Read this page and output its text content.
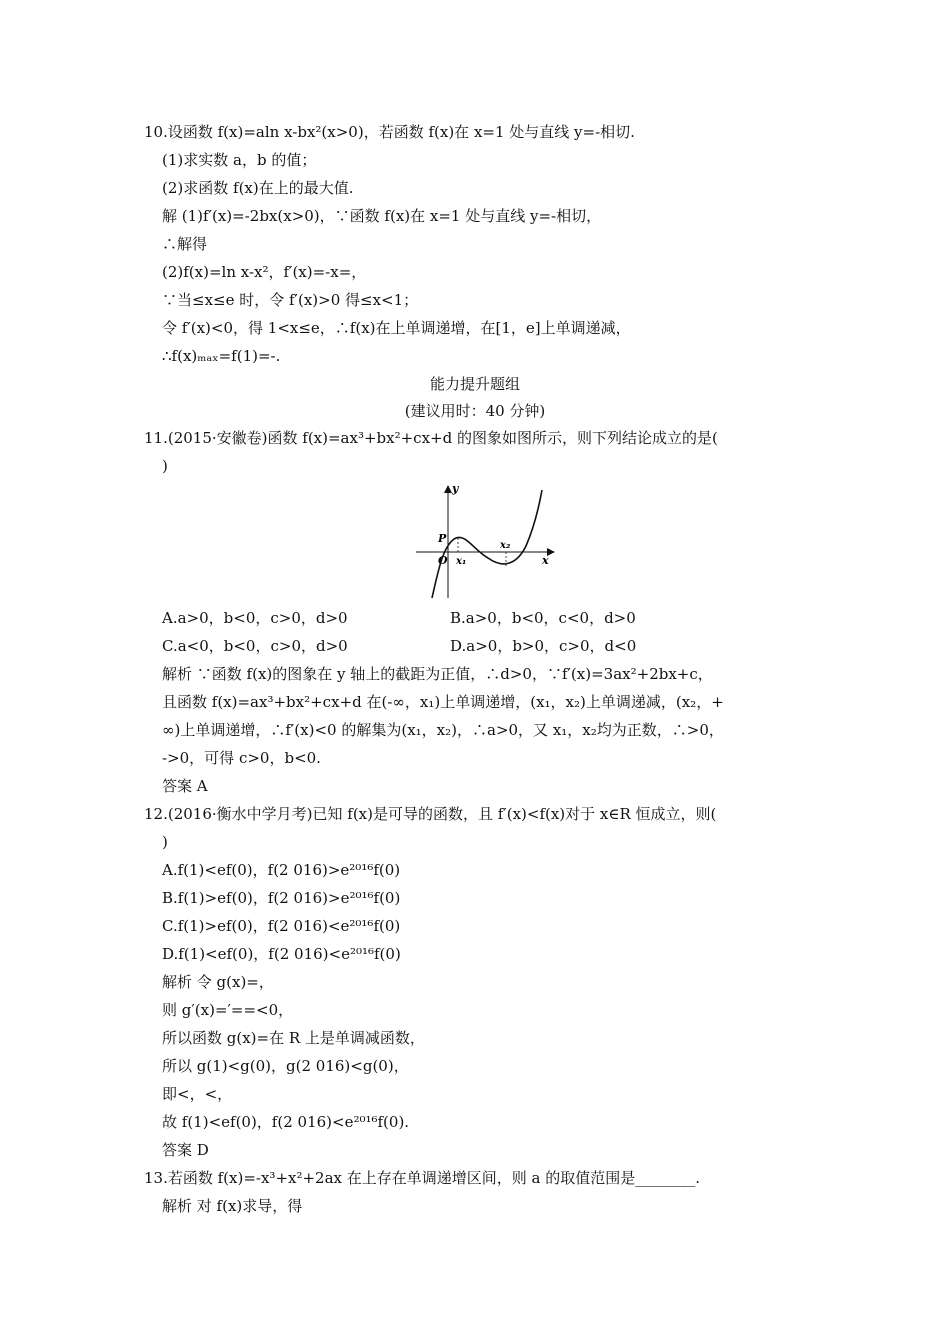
10.设函数 f(x)=aln x-bx²(x>0)，若函数 f(x)在 x=1 处与直线 y=-相切.
(1)求实数 a，b 的值；
(2)求函数 f(x)在上的最大值.
解 (1)f′(x)=-2bx(x>0)，∵函数 f(x)在 x=1 处与直线 y=-相切，
∴解得
(2)f(x)=ln x-x²，f′(x)=-x=，
∵当≤x≤e 时，令 f′(x)>0 得≤x<1；
令 f′(x)<0，得 1<x≤e，∴f(x)在上单调递增，在[1，e]上单调递减，
∴f(x)ₘₐₓ=f(1)=-.
能力提升题组
(建议用时：40 分钟)
11.(2015·安徽卷)函数 f(x)=ax³+bx²+cx+d 的图象如图所示，则下列结论成立的是(
)
y
x
P
O x₁
x₂
A.a>0，b<0，c>0，d>0	B.a>0，b<0，c<0，d>0
C.a<0，b<0，c>0，d>0	D.a>0，b>0，c>0，d<0
解析 ∵函数 f(x)的图象在 y 轴上的截距为正值，∴d>0，∵f′(x)=3ax²+2bx+c，
且函数 f(x)=ax³+bx²+cx+d 在(-∞，x₁)上单调递增，(x₁，x₂)上单调递减，(x₂，+
∞)上单调递增，∴f′(x)<0 的解集为(x₁，x₂)，∴a>0，又 x₁，x₂均为正数，∴>0，
->0，可得 c>0，b<0.
答案 A
12.(2016·衡水中学月考)已知 f(x)是可导的函数，且 f′(x)<f(x)对于 x∈R 恒成立，则(
)
A.f(1)<ef(0)，f(2 016)>e²⁰¹⁶f(0)
B.f(1)>ef(0)，f(2 016)>e²⁰¹⁶f(0)
C.f(1)>ef(0)，f(2 016)<e²⁰¹⁶f(0)
D.f(1)<ef(0)，f(2 016)<e²⁰¹⁶f(0)
解析 令 g(x)=，
则 g′(x)=′==<0，
所以函数 g(x)=在 R 上是单调减函数，
所以 g(1)<g(0)，g(2 016)<g(0)，
即<，<，
故 f(1)<ef(0)，f(2 016)<e²⁰¹⁶f(0).
答案 D
13.若函数 f(x)=-x³+x²+2ax 在上存在单调递增区间，则 a 的取值范围是________.
解析 对 f(x)求导，得
